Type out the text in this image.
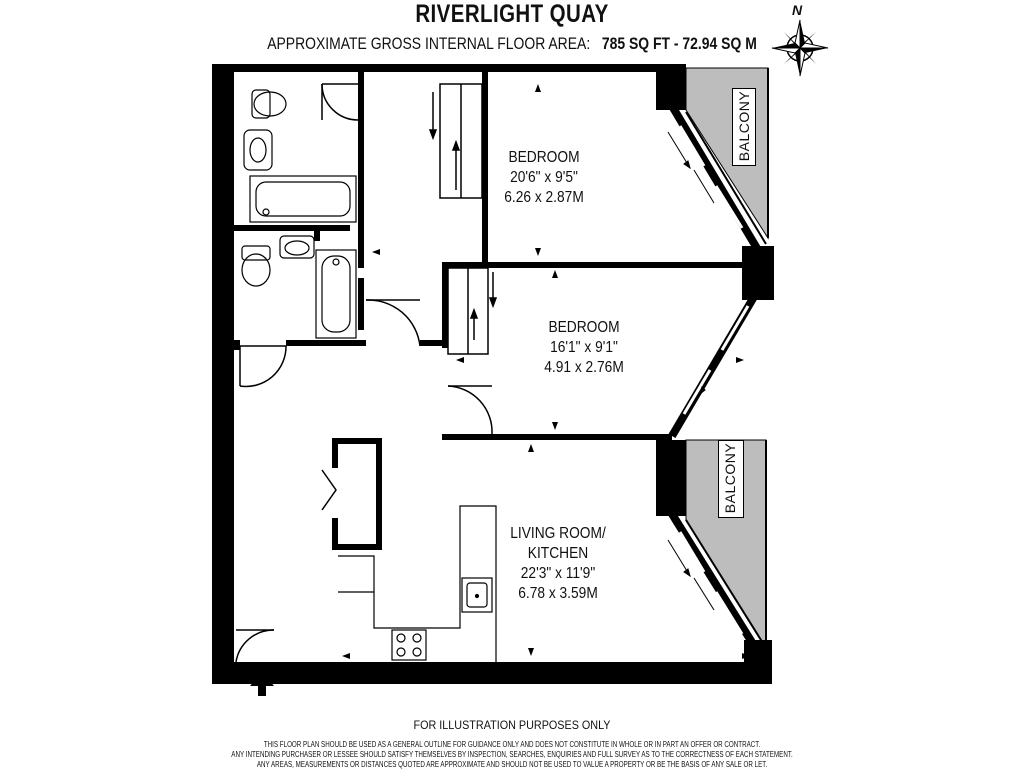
RIVERLIGHT QUAY
APPROXIMATE GROSS INTERNAL FLOOR AREA: 785 SQ FT - 72.94 SQ M
N
BALCONY
BALCONY
BEDROOM
20'6" x 9'5"
6.26 x 2.87M
BEDROOM
16'1" x 9'1"
4.91 x 2.76M
LIVING ROOM/
KITCHEN
22'3" x 11'9"
6.78 x 3.59M
FOR ILLUSTRATION PURPOSES ONLY
THIS FLOOR PLAN SHOULD BE USED AS A GENERAL OUTLINE FOR GUIDANCE ONLY AND DOES NOT CONSTITUTE IN WHOLE OR IN PART AN OFFER OR CONTRACT.
ANY INTENDING PURCHASER OR LESSEE SHOULD SATISFY THEMSELVES BY INSPECTION, SEARCHES, ENQUIRIES AND FULL SURVEY AS TO THE CORRECTNESS OF EACH STATEMENT.
ANY AREAS, MEASUREMENTS OR DISTANCES QUOTED ARE APPROXIMATE AND SHOULD NOT BE USED TO VALUE A PROPERTY OR BE THE BASIS OF ANY SALE OR LET.
